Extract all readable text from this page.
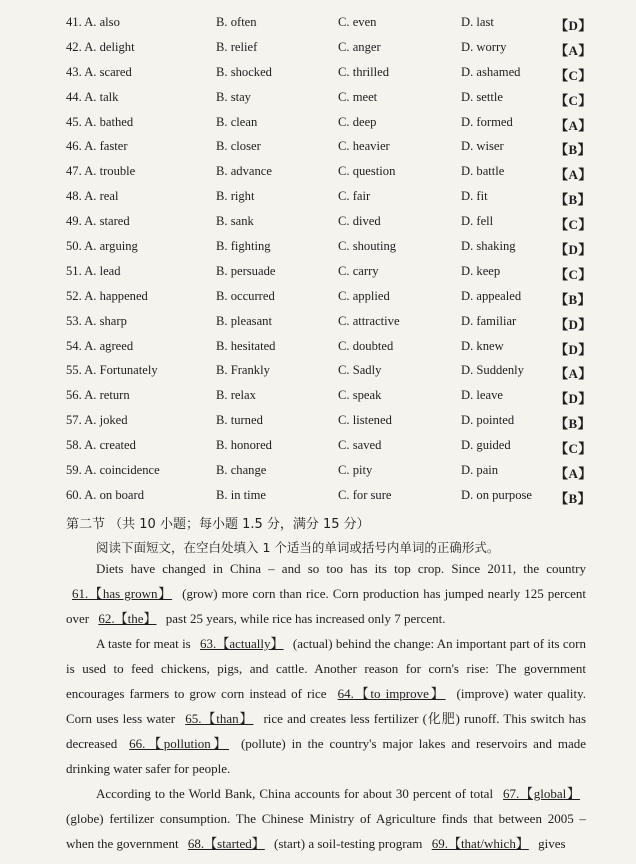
41. A. also	B. often	C. even	D. last	【D】
42. A. delight	B. relief	C. anger	D. worry	【A】
43. A. scared	B. shocked	C. thrilled	D. ashamed	【C】
44. A. talk	B. stay	C. meet	D. settle	【C】
45. A. bathed	B. clean	C. deep	D. formed	【A】
46. A. faster	B. closer	C. heavier	D. wiser	【B】
47. A. trouble	B. advance	C. question	D. battle	【A】
48. A. real	B. right	C. fair	D. fit	【B】
49. A. stared	B. sank	C. dived	D. fell	【C】
50. A. arguing	B. fighting	C. shouting	D. shaking	【D】
51. A. lead	B. persuade	C. carry	D. keep	【C】
52. A. happened	B. occurred	C. applied	D. appealed	【B】
53. A. sharp	B. pleasant	C. attractive	D. familiar	【D】
54. A. agreed	B. hesitated	C. doubted	D. knew	【D】
55. A. Fortunately	B. Frankly	C. Sadly	D. Suddenly 【A】
56. A. return	B. relax	C. speak	D. leave	【D】
57. A. joked	B. turned	C. listened	D. pointed	【B】
58. A. created	B. honored	C. saved	D. guided	【C】
59. A. coincidence	B. change	C. pity	D. pain	【A】
60. A. on board	B. in time	C. for sure	D. on purpose 【B】
第二节 （共 10 小题；每小题 1.5 分，满分 15 分）
阅读下面短文，在空白处填入 1 个适当的单词或括号内单词的正确形式。

Diets have changed in China – and so too has its top crop. Since 2011, the country 61.【has grown】 (grow) more corn than rice. Corn production has jumped nearly 125 percent over 62.【the】 past 25 years, while rice has increased only 7 percent.

A taste for meat is 63.【actually】 (actual) behind the change: An important part of its corn is used to feed chickens, pigs, and cattle. Another reason for corn's rise: The government encourages farmers to grow corn instead of rice 64.【to improve】 (improve) water quality. Corn uses less water 65.【than】 rice and creates less fertilizer (化肥) runoff. This switch has decreased 66.【pollution】 (pollute) in the country's major lakes and reservoirs and made drinking water safer for people.

According to the World Bank, China accounts for about 30 percent of total 67.【global】 (globe) fertilizer consumption. The Chinese Ministry of Agriculture finds that between 2005 – when the government 68.【started】 (start) a soil-testing program 69.【that/which】 gives
